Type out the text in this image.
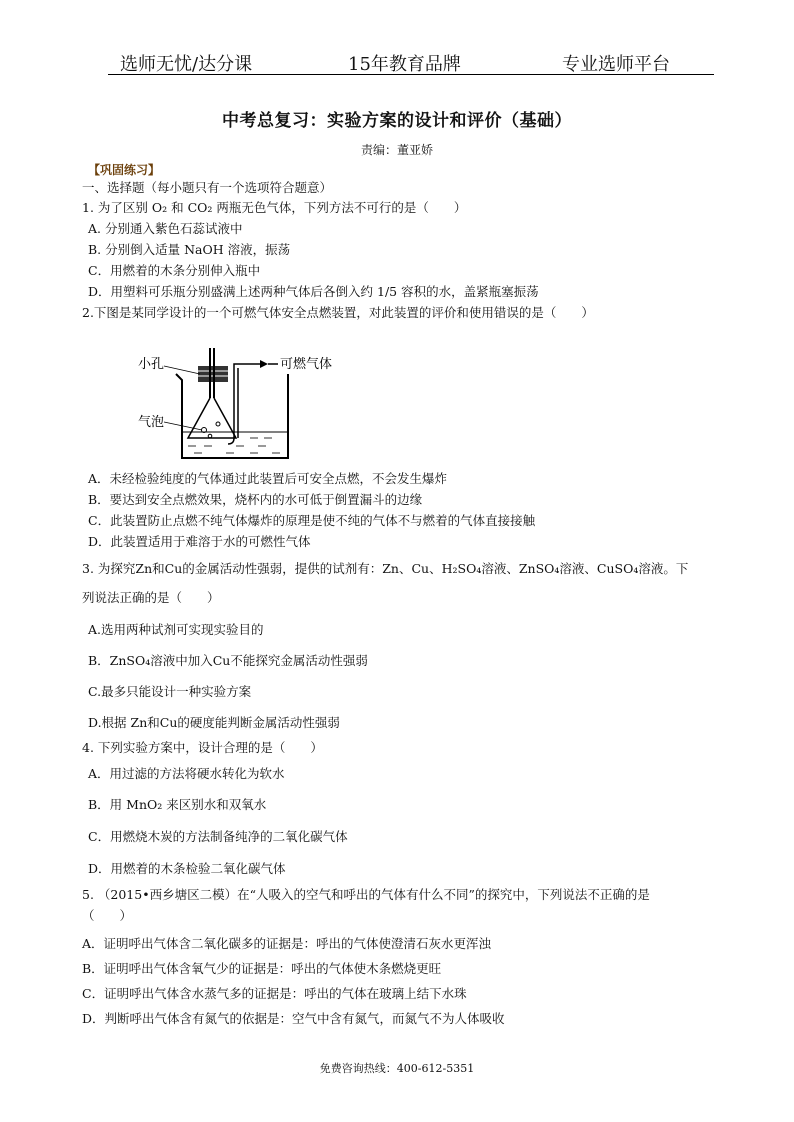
选师无忧/达分课	15年教育品牌	专业选师平台
中考总复习：实验方案的设计和评价（基础）
责编：董亚娇
【巩固练习】
一、选择题（每小题只有一个选项符合题意）
1. 为了区别 O₂ 和 CO₂ 两瓶无色气体，下列方法不可行的是（　　）
A. 分别通入紫色石蕊试液中
B. 分别倒入适量 NaOH 溶液，振荡
C．用燃着的木条分别伸入瓶中
D．用塑料可乐瓶分别盛满上述两种气体后各倒入约 1/5 容积的水，盖紧瓶塞振荡
2.下图是某同学设计的一个可燃气体安全点燃装置，对此装置的评价和使用错误的是（　　）
小孔	可燃气体
气泡
A．未经检验纯度的气体通过此装置后可安全点燃，不会发生爆炸
B．要达到安全点燃效果，烧杯内的水可低于倒置漏斗的边缘
C．此装置防止点燃不纯气体爆炸的原理是使不纯的气体不与燃着的气体直接接触
D．此装置适用于难溶于水的可燃性气体
3. 为探究Zn和Cu的金属活动性强弱，提供的试剂有：Zn、Cu、H₂SO₄溶液、ZnSO₄溶液、CuSO₄溶液。下
列说法正确的是（　　）
A.选用两种试剂可实现实验目的
B．ZnSO₄溶液中加入Cu不能探究金属活动性强弱
C.最多只能设计一种实验方案
D.根据 Zn和Cu的硬度能判断金属活动性强弱
4. 下列实验方案中，设计合理的是（　　）
A．用过滤的方法将硬水转化为软水
B．用 MnO₂ 来区别水和双氧水
C．用燃烧木炭的方法制备纯净的二氧化碳气体
D．用燃着的木条检验二氧化碳气体
5. （2015•西乡塘区二模）在“人吸入的空气和呼出的气体有什么不同”的探究中，下列说法不正确的是
（　　）
A．证明呼出气体含二氧化碳多的证据是：呼出的气体使澄清石灰水更浑浊
B．证明呼出气体含氧气少的证据是：呼出的气体使木条燃烧更旺
C．证明呼出气体含水蒸气多的证据是：呼出的气体在玻璃上结下水珠
D．判断呼出气体含有氮气的依据是：空气中含有氮气，而氮气不为人体吸收
免费咨询热线：400-612-5351
